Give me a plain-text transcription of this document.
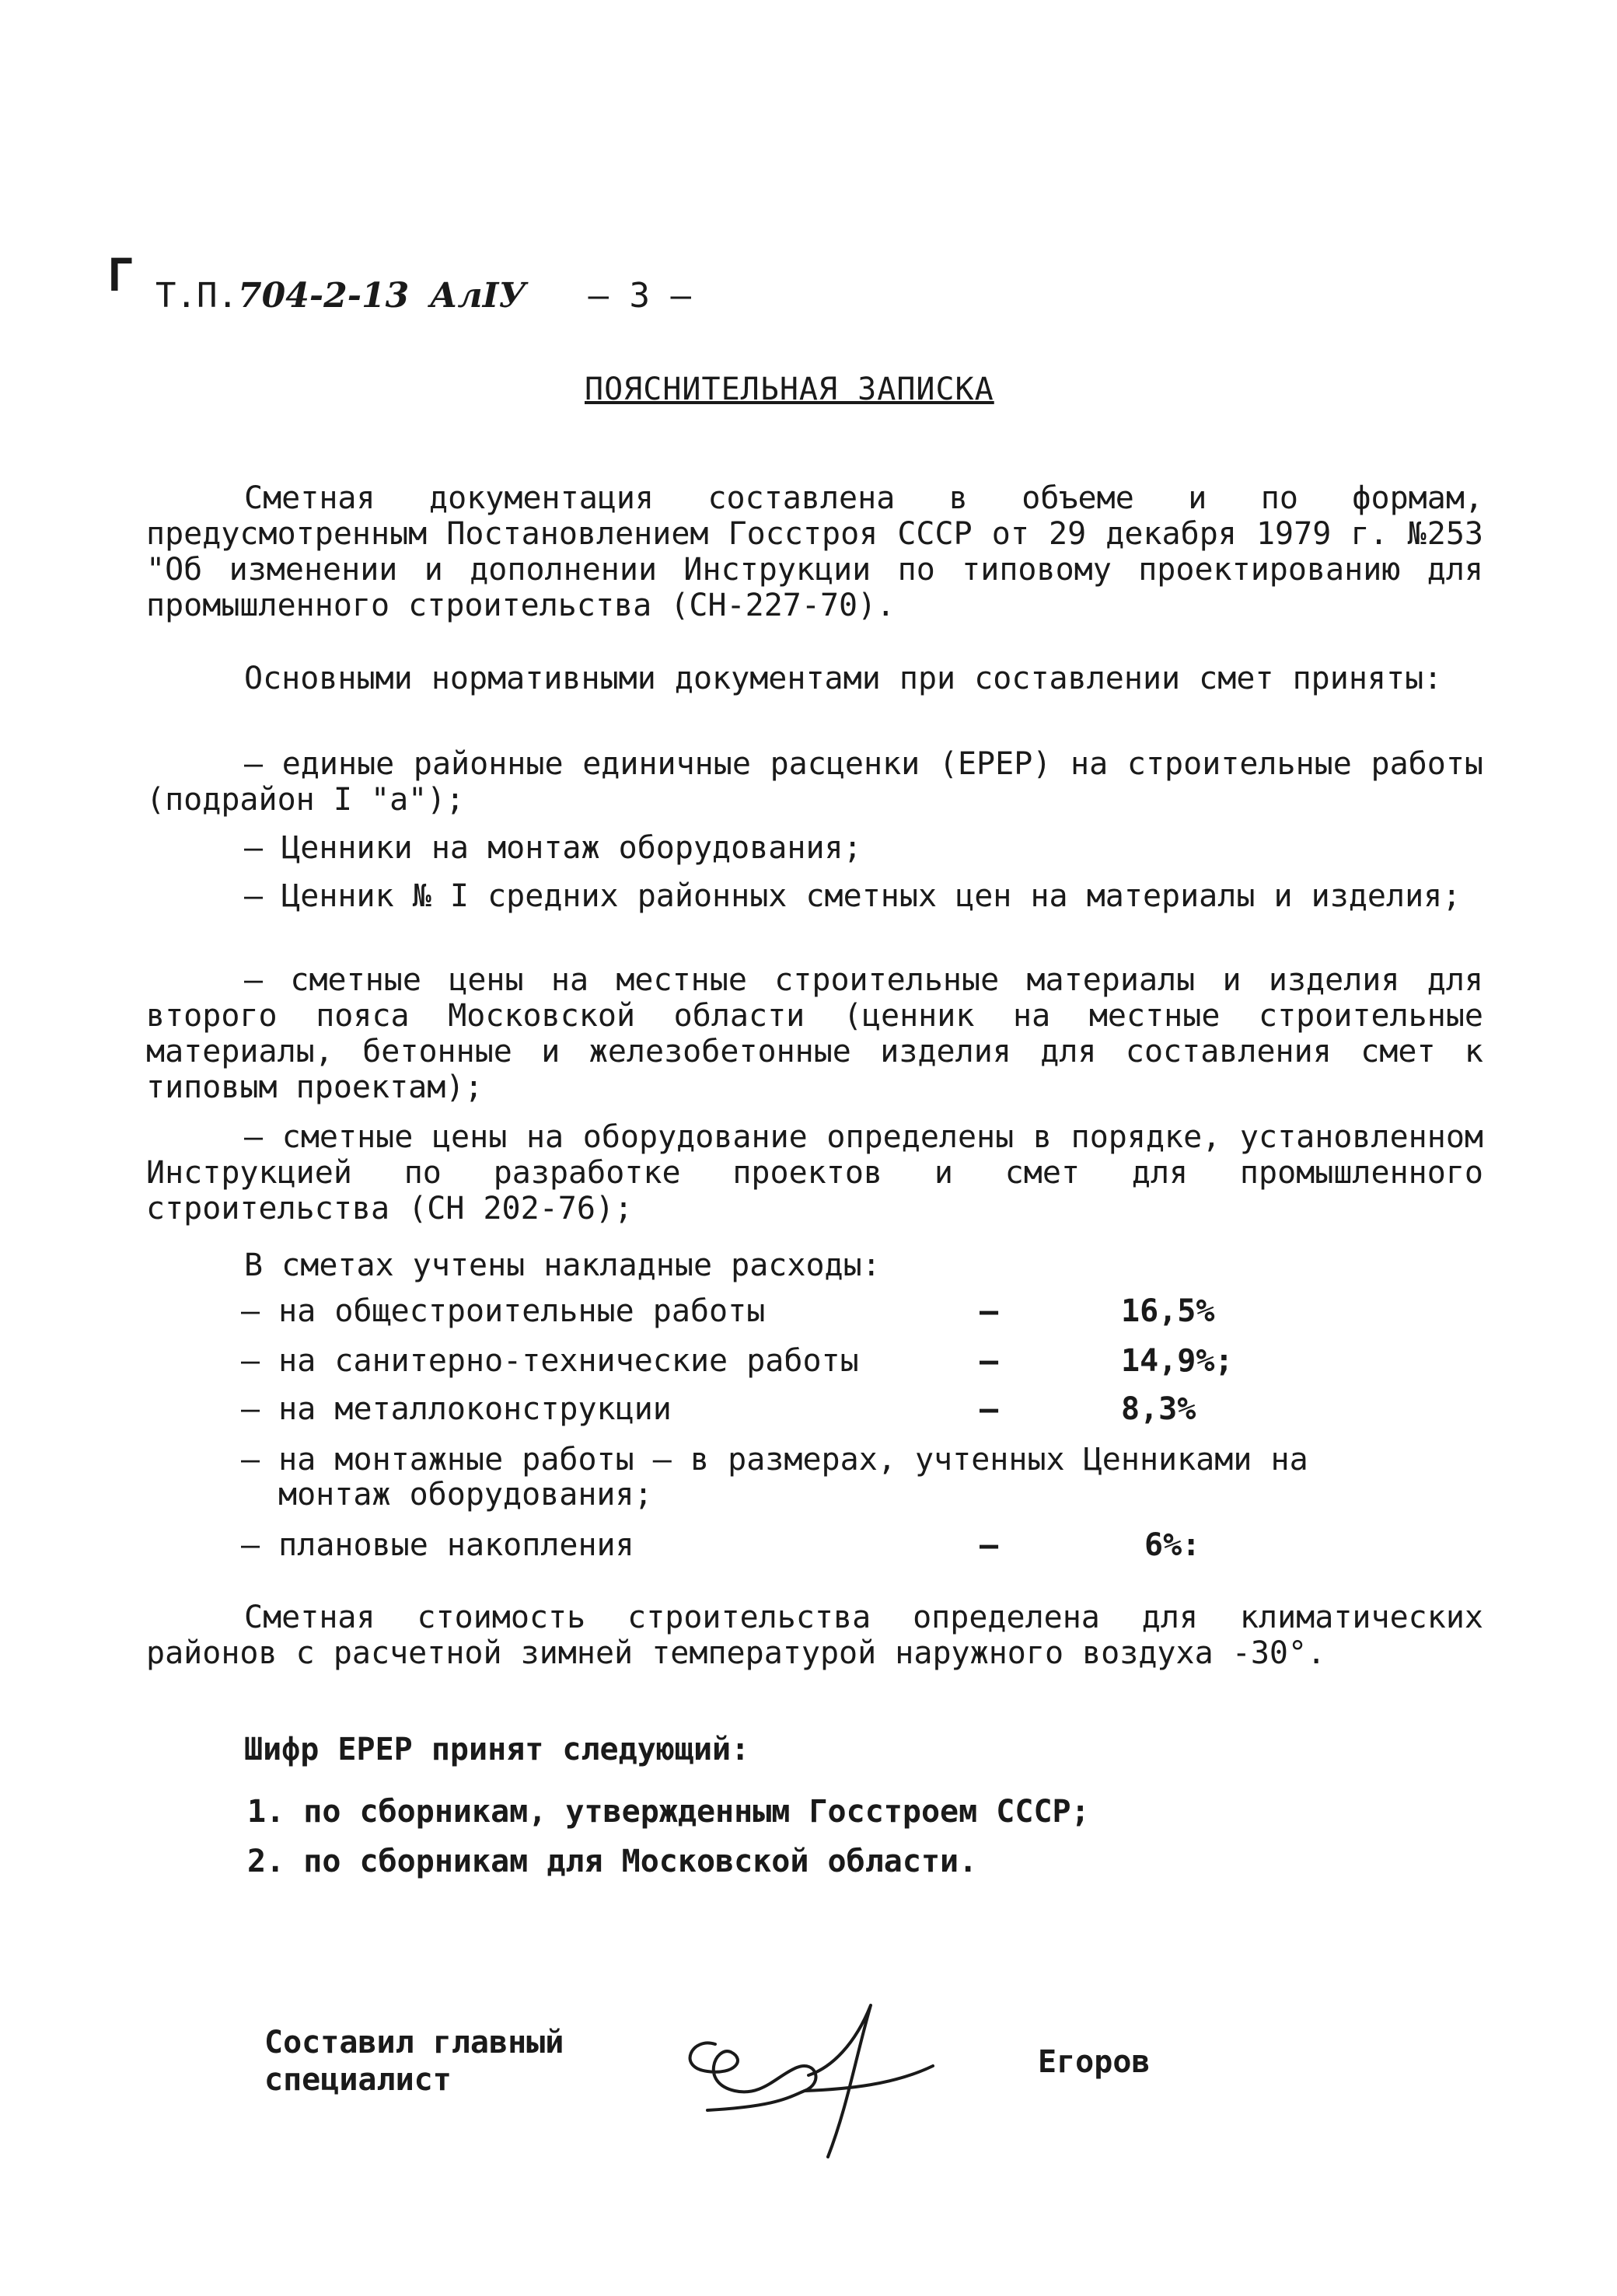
Г Т.П.704-2-13 АлIУ – 3 –
ПОЯСНИТЕЛЬНАЯ ЗАПИСКА

Сметная документация составлена в объеме и по формам, предусмотренным Постановлением Госстроя СССР от 29 декабря 1979 г. №253 "Об изменении и дополнении Инструкции по типовому проектированию для промышленного строительства (СН-227-70).

Основными нормативными документами при составлении смет приняты:

– единые районные единичные расценки (ЕРЕР) на строительные работы (подрайон I "а");

– Ценники на монтаж оборудования;

– Ценник № I средних районных сметных цен на материалы и изделия;

– сметные цены на местные строительные материалы и изделия для второго пояса Московской области (ценник на местные строительные материалы, бетонные и железобетонные изделия для составления смет к типовым проектам);

– сметные цены на оборудование определены в порядке, установленном Инструкцией по разработке проектов и смет для промышленного строительства (СН 202-76);

В сметах учтены накладные расходы:

– на общестроительные работы	–	16,5%
– на санитерно-технические работы	–	14,9%;
– на металлоконструкции	–	8,3%
– на монтажные работы – в размерах, учтенных Ценниками на
монтаж оборудования;
– плановые накопления	–	6%:

Сметная стоимость строительства определена для климатических районов с расчетной зимней температурой наружного воздуха -30°.

Шифр ЕРЕР принят следующий:

1. по сборникам, утвержденным Госстроем СССР;
2. по сборникам для Московской области.
Составил главный
специалист	Егоров
